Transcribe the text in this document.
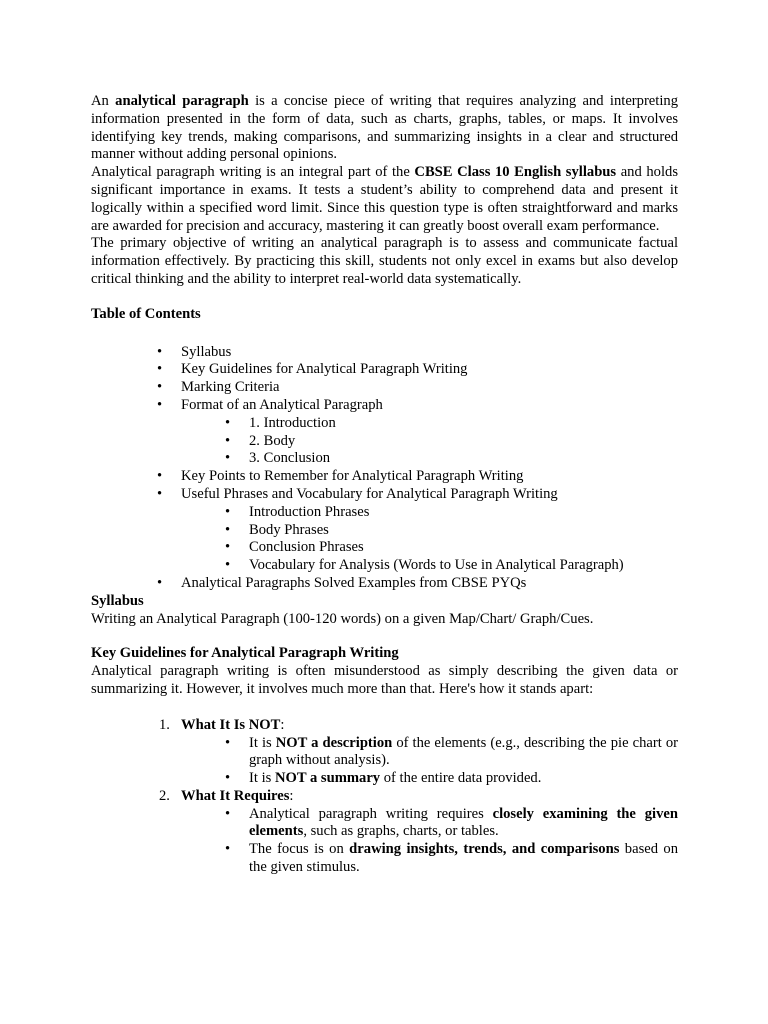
An analytical paragraph is a concise piece of writing that requires analyzing and interpreting information presented in the form of data, such as charts, graphs, tables, or maps. It involves identifying key trends, making comparisons, and summarizing insights in a clear and structured manner without adding personal opinions.

Analytical paragraph writing is an integral part of the CBSE Class 10 English syllabus and holds significant importance in exams. It tests a student’s ability to comprehend data and present it logically within a specified word limit. Since this question type is often straightforward and marks are awarded for precision and accuracy, mastering it can greatly boost overall exam performance.

The primary objective of writing an analytical paragraph is to assess and communicate factual information effectively. By practicing this skill, students not only excel in exams but also develop critical thinking and the ability to interpret real-world data systematically.

Table of Contents

• Syllabus
• Key Guidelines for Analytical Paragraph Writing
• Marking Criteria
• Format of an Analytical Paragraph
• 1. Introduction
• 2. Body
• 3. Conclusion
• Key Points to Remember for Analytical Paragraph Writing
• Useful Phrases and Vocabulary for Analytical Paragraph Writing
• Introduction Phrases
• Body Phrases
• Conclusion Phrases
• Vocabulary for Analysis (Words to Use in Analytical Paragraph)
• Analytical Paragraphs Solved Examples from CBSE PYQs

Syllabus

Writing an Analytical Paragraph (100-120 words) on a given Map/Chart/ Graph/Cues.

Key Guidelines for Analytical Paragraph Writing

Analytical paragraph writing is often misunderstood as simply describing the given data or summarizing it. However, it involves much more than that. Here's how it stands apart:

1. What It Is NOT:
• It is NOT a description of the elements (e.g., describing the pie chart or graph without analysis).
• It is NOT a summary of the entire data provided.
2. What It Requires:
• Analytical paragraph writing requires closely examining the given elements, such as graphs, charts, or tables.
• The focus is on drawing insights, trends, and comparisons based on the given stimulus.
